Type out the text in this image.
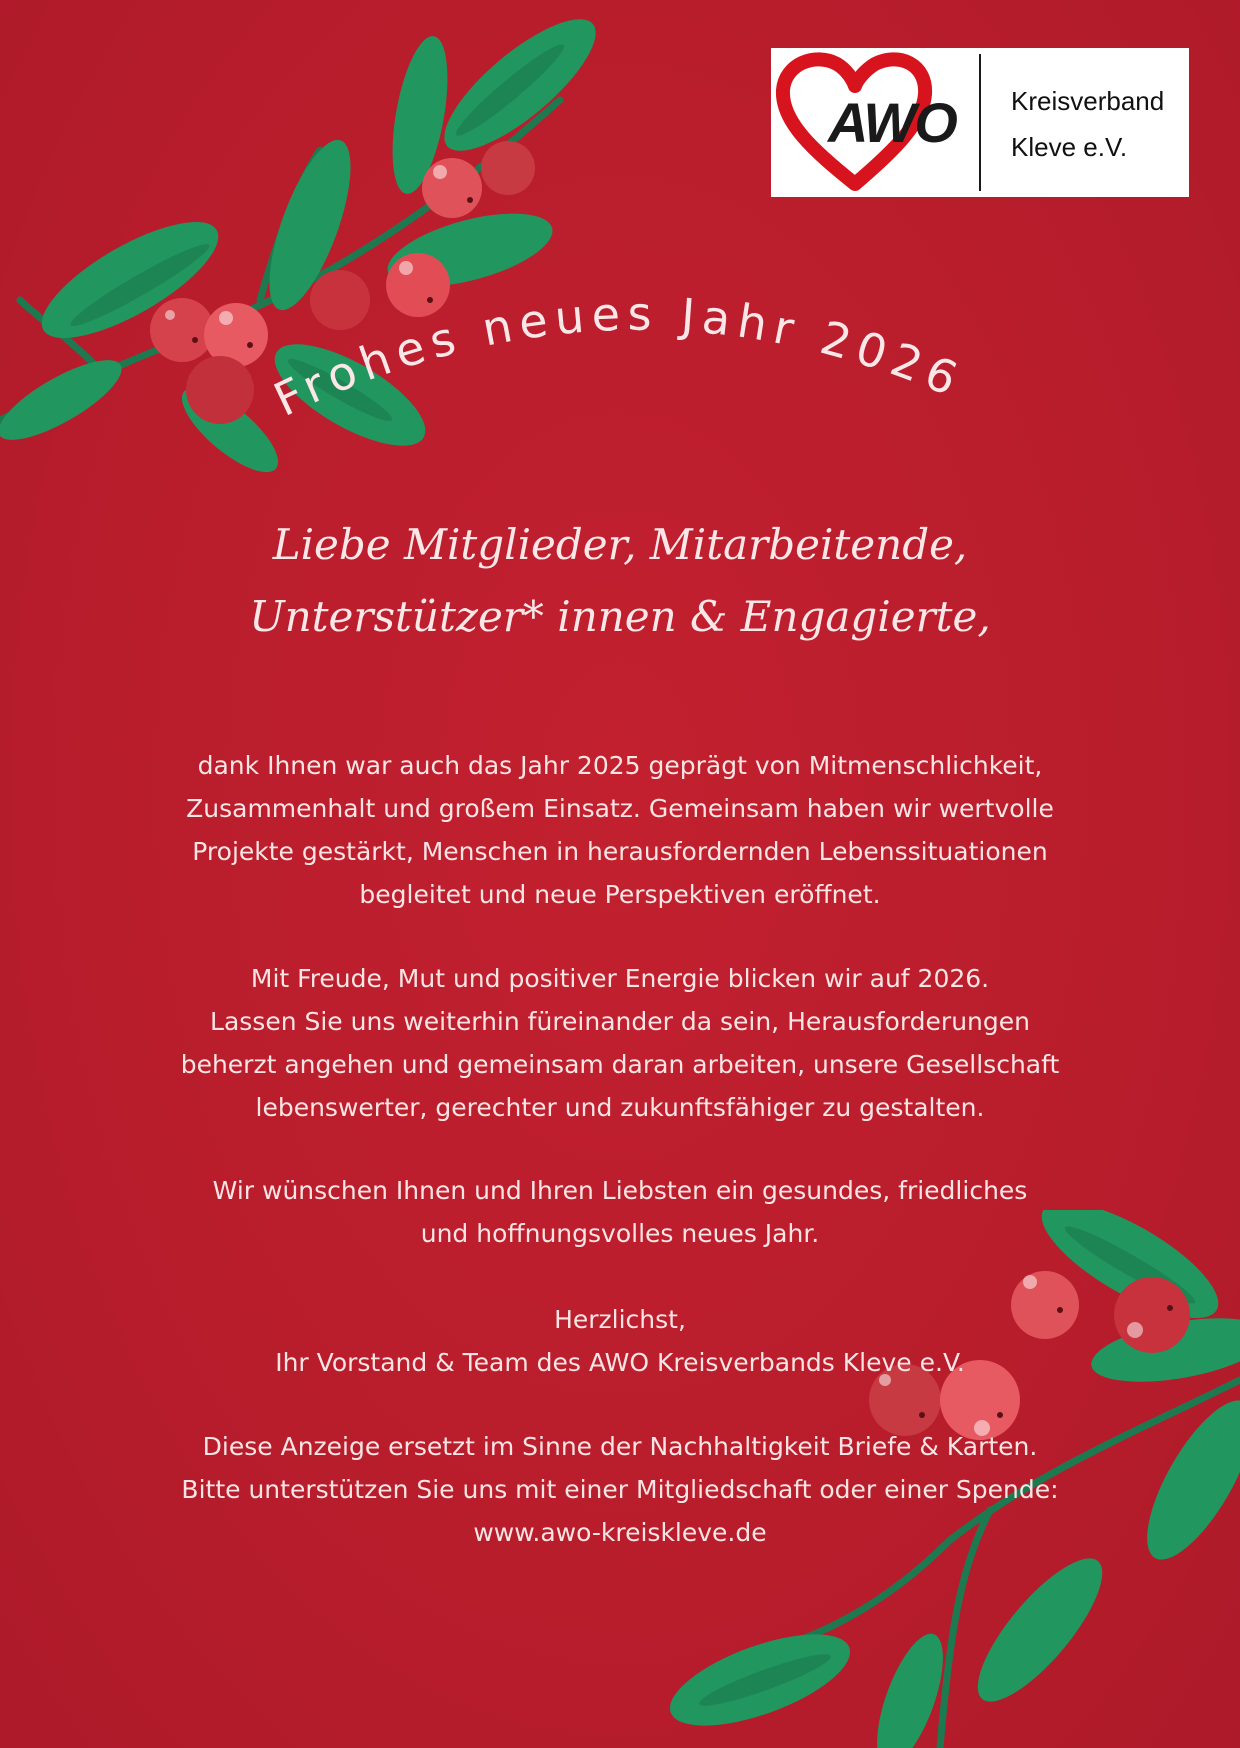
AWO Kreisverband
Kleve e.V.
Frohes neues Jahr 2026
Liebe Mitglieder, Mitarbeitende,
Unterstützer* innen & Engagierte,

dank Ihnen war auch das Jahr 2025 geprägt von Mitmenschlichkeit,

Zusammenhalt und großem Einsatz. Gemeinsam haben wir wertvolle

Projekte gestärkt, Menschen in herausfordernden Lebenssituationen

begleitet und neue Perspektiven eröffnet.

Mit Freude, Mut und positiver Energie blicken wir auf 2026.

Lassen Sie uns weiterhin füreinander da sein, Herausforderungen

beherzt angehen und gemeinsam daran arbeiten, unsere Gesellschaft

lebenswerter, gerechter und zukunftsfähiger zu gestalten.

Wir wünschen Ihnen und Ihren Liebsten ein gesundes, friedliches

und hoffnungsvolles neues Jahr.

Herzlichst,

Ihr Vorstand & Team des AWO Kreisverbands Kleve e.V.

Diese Anzeige ersetzt im Sinne der Nachhaltigkeit Briefe & Karten.

Bitte unterstützen Sie uns mit einer Mitgliedschaft oder einer Spende:

www.awo-kreiskleve.de
